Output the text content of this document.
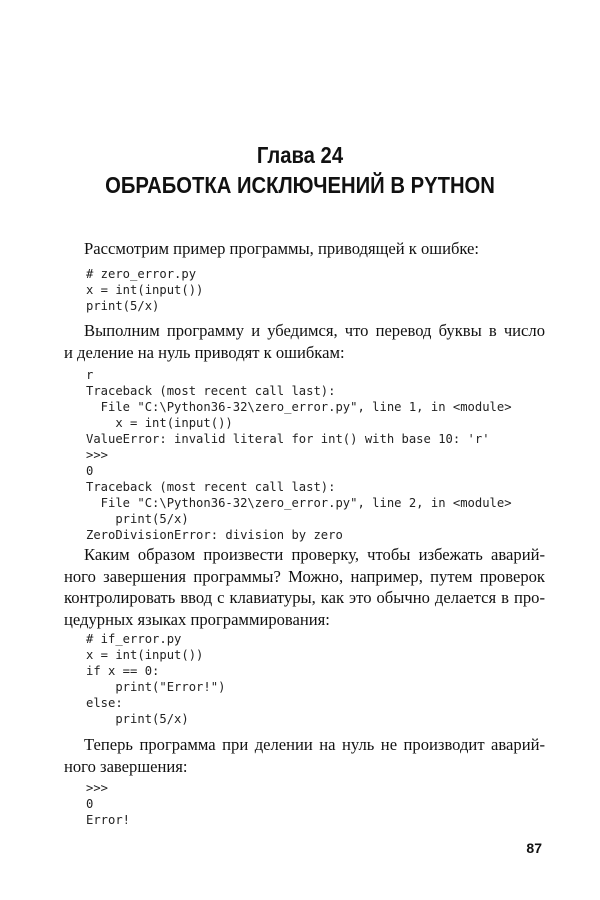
Глава 24
ОБРАБОТКА ИСКЛЮЧЕНИЙ В PYTHON

Рассмотрим пример программы, приводящей к ошибке:

# zero_error.py
x = int(input())
print(5/x)

Выполним программу и убедимся, что перевод буквы в число
и деление на нуль приводят к ошибкам:

r
Traceback (most recent call last):
File "C:\Python36-32\zero_error.py", line 1, in <module>
x = int(input())
ValueError: invalid literal for int() with base 10: 'r'
>>>
0
Traceback (most recent call last):
File "C:\Python36-32\zero_error.py", line 2, in <module>
print(5/x)
ZeroDivisionError: division by zero

Каким образом произвести проверку, чтобы избежать аварий-
ного завершения программы? Можно, например, путем проверок
контролировать ввод с клавиатуры, как это обычно делается в про-
цедурных языках программирования:

# if_error.py
x = int(input())
if x == 0:
print("Error!")
else:
print(5/x)

Теперь программа при делении на нуль не производит аварий-
ного завершения:

>>>
0
Error!
87
